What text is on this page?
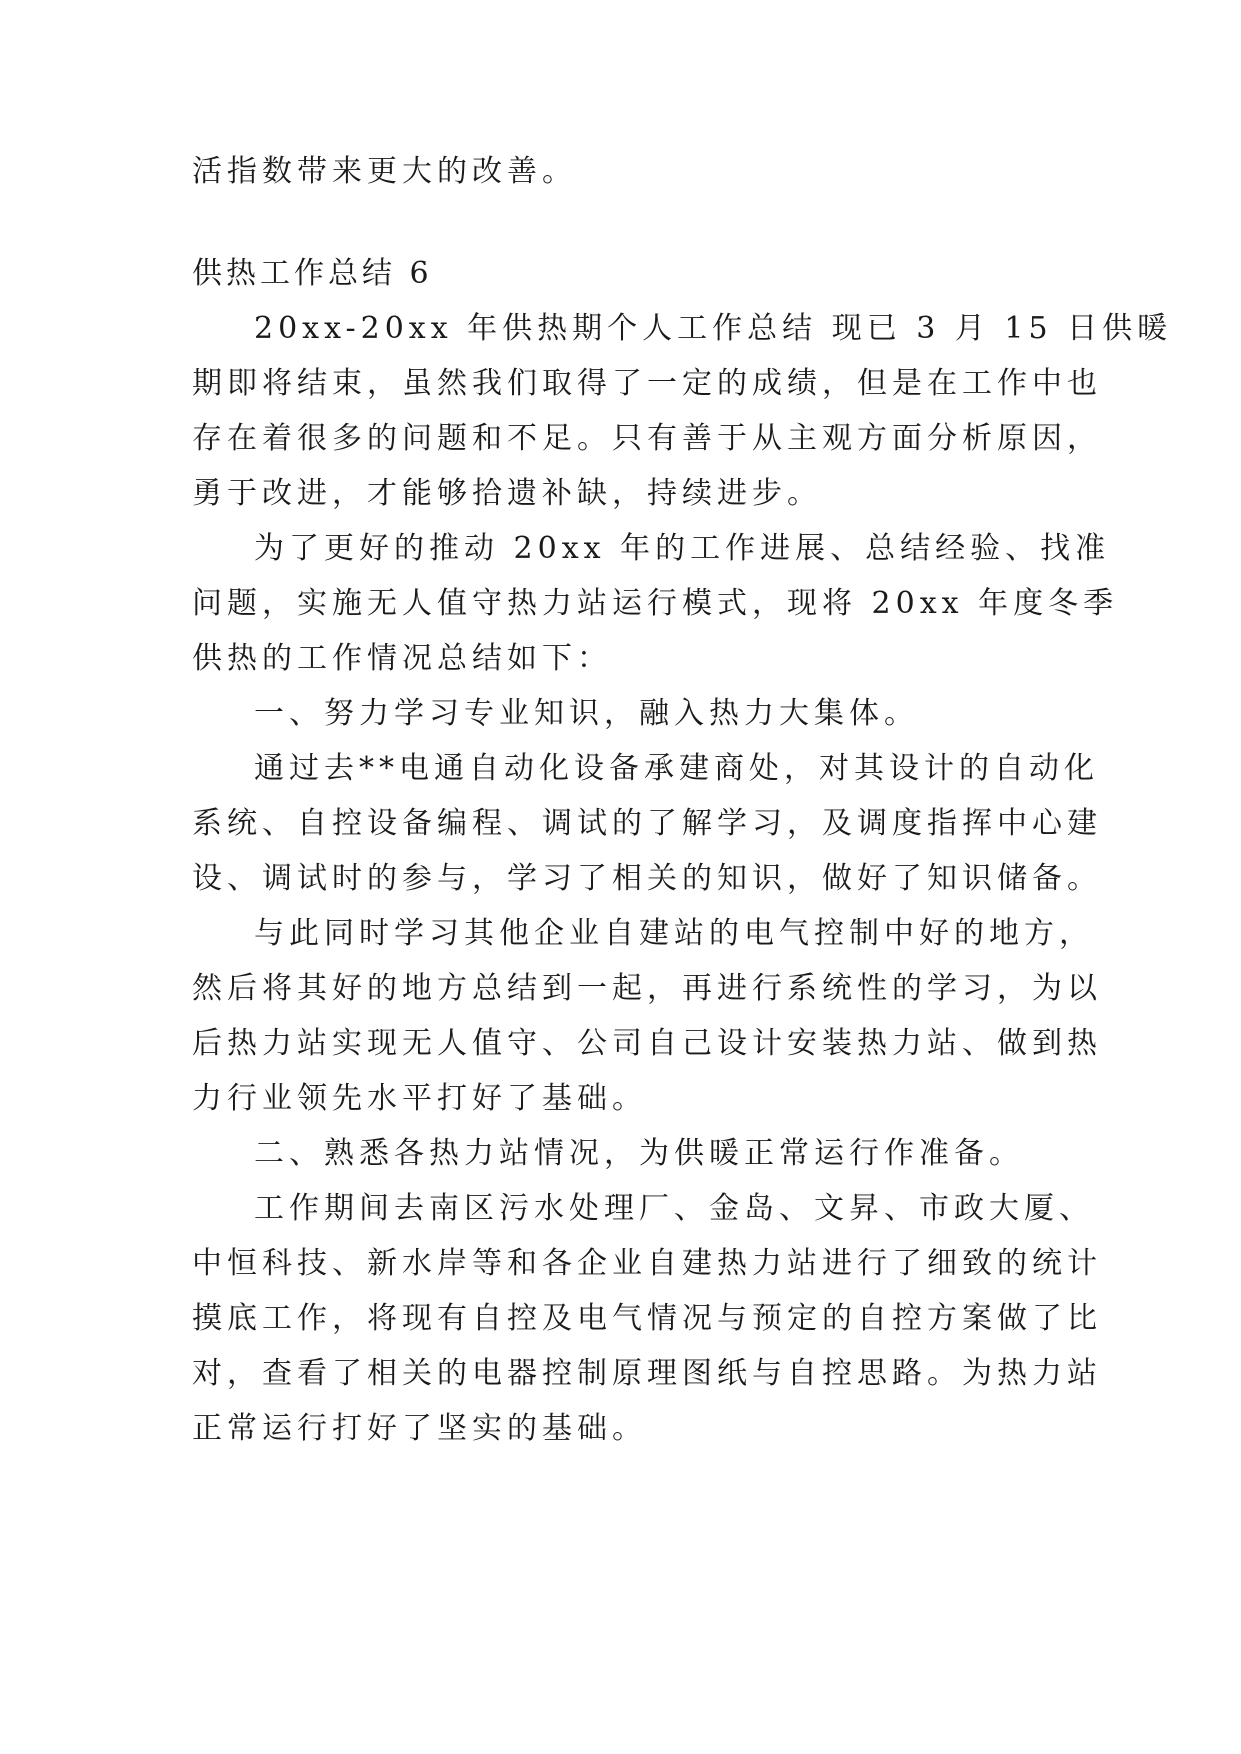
活指数带来更大的改善。
供热工作总结 6
20xx-20xx 年供热期个人工作总结 现已 3 月 15 日供暖
期即将结束，虽然我们取得了一定的成绩，但是在工作中也
存在着很多的问题和不足。只有善于从主观方面分析原因，
勇于改进，才能够拾遗补缺，持续进步。
为了更好的推动 20xx 年的工作进展、总结经验、找准
问题，实施无人值守热力站运行模式，现将 20xx 年度冬季
供热的工作情况总结如下：
一、努力学习专业知识，融入热力大集体。
通过去**电通自动化设备承建商处，对其设计的自动化
系统、自控设备编程、调试的了解学习，及调度指挥中心建
设、调试时的参与，学习了相关的知识，做好了知识储备。
与此同时学习其他企业自建站的电气控制中好的地方，
然后将其好的地方总结到一起，再进行系统性的学习，为以
后热力站实现无人值守、公司自己设计安装热力站、做到热
力行业领先水平打好了基础。
二、熟悉各热力站情况，为供暖正常运行作准备。
工作期间去南区污水处理厂、金岛、文昇、市政大厦、
中恒科技、新水岸等和各企业自建热力站进行了细致的统计
摸底工作，将现有自控及电气情况与预定的自控方案做了比
对，查看了相关的电器控制原理图纸与自控思路。为热力站
正常运行打好了坚实的基础。
